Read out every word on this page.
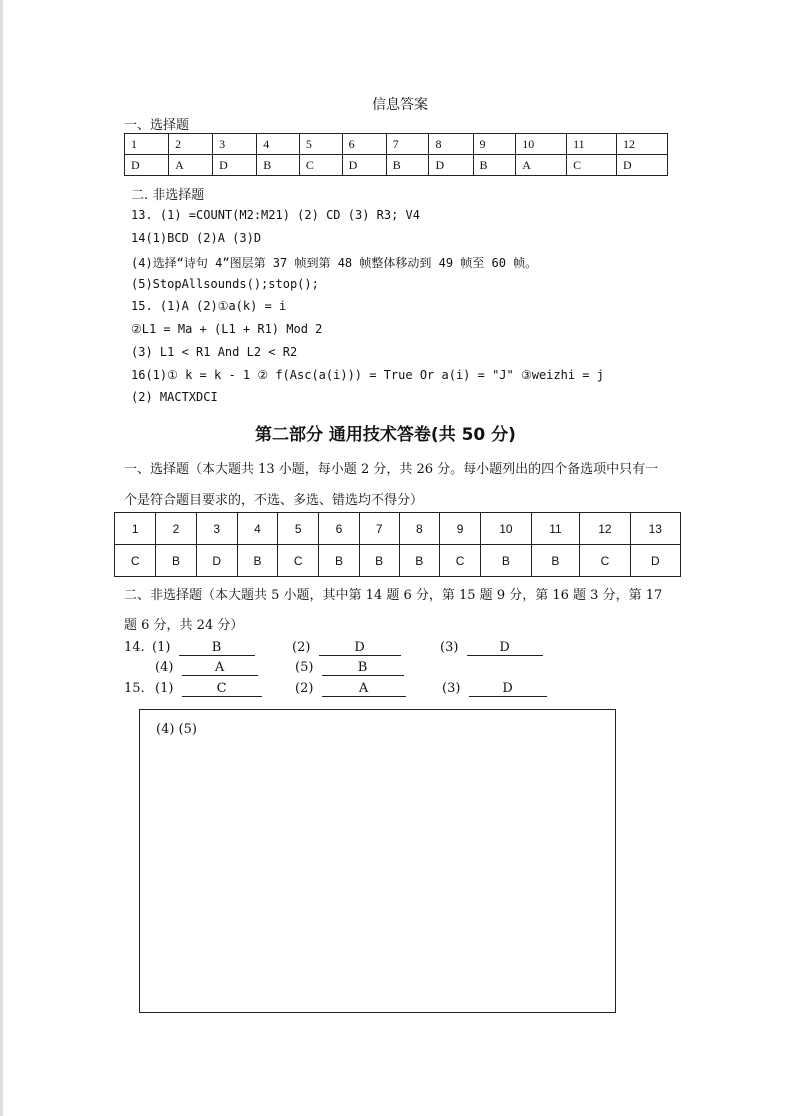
信息答案
一、选择题
1	2	3	4	5	6	7	8	9	10	11	12
D	A	D	B	C	D	B	D	B	A	C	D
二. 非选择题
13. (1) =COUNT(M2:M21) (2) CD (3) R3; V4
14(1)BCD (2)A (3)D
(4)选择“诗句 4”图层第 37 帧到第 48 帧整体移动到 49 帧至 60 帧。
(5)StopAllsounds();stop();
15. (1)A (2)①a(k) = i
②L1 = Ma + (L1 + R1) Mod 2
(3) L1 < R1 And L2 < R2
16(1)① k = k - 1 ② f(Asc(a(i))) = True Or a(i) = "J" ③weizhi = j
(2) MACTXDCI
第二部分 通用技术答卷(共 50 分)
一、选择题（本大题共 13 小题，每小题 2 分，共 26 分。每小题列出的四个备选项中只有一
个是符合题目要求的，不选、多选、错选均不得分）
1	2	3	4	5	6	7	8	9	10	11	12	13
C	B	D	B	C	B	B	B	C	B	B	C	D
二、非选择题（本大题共 5 小题，其中第 14 题 6 分，第 15 题 9 分，第 16 题 3 分，第 17
题 6 分，共 24 分）
14. (1)	B	(2)	D	(3)	D
(4)	A	(5)	B
15. (1)	C	(2)	A	(3)	D
(4) (5)
